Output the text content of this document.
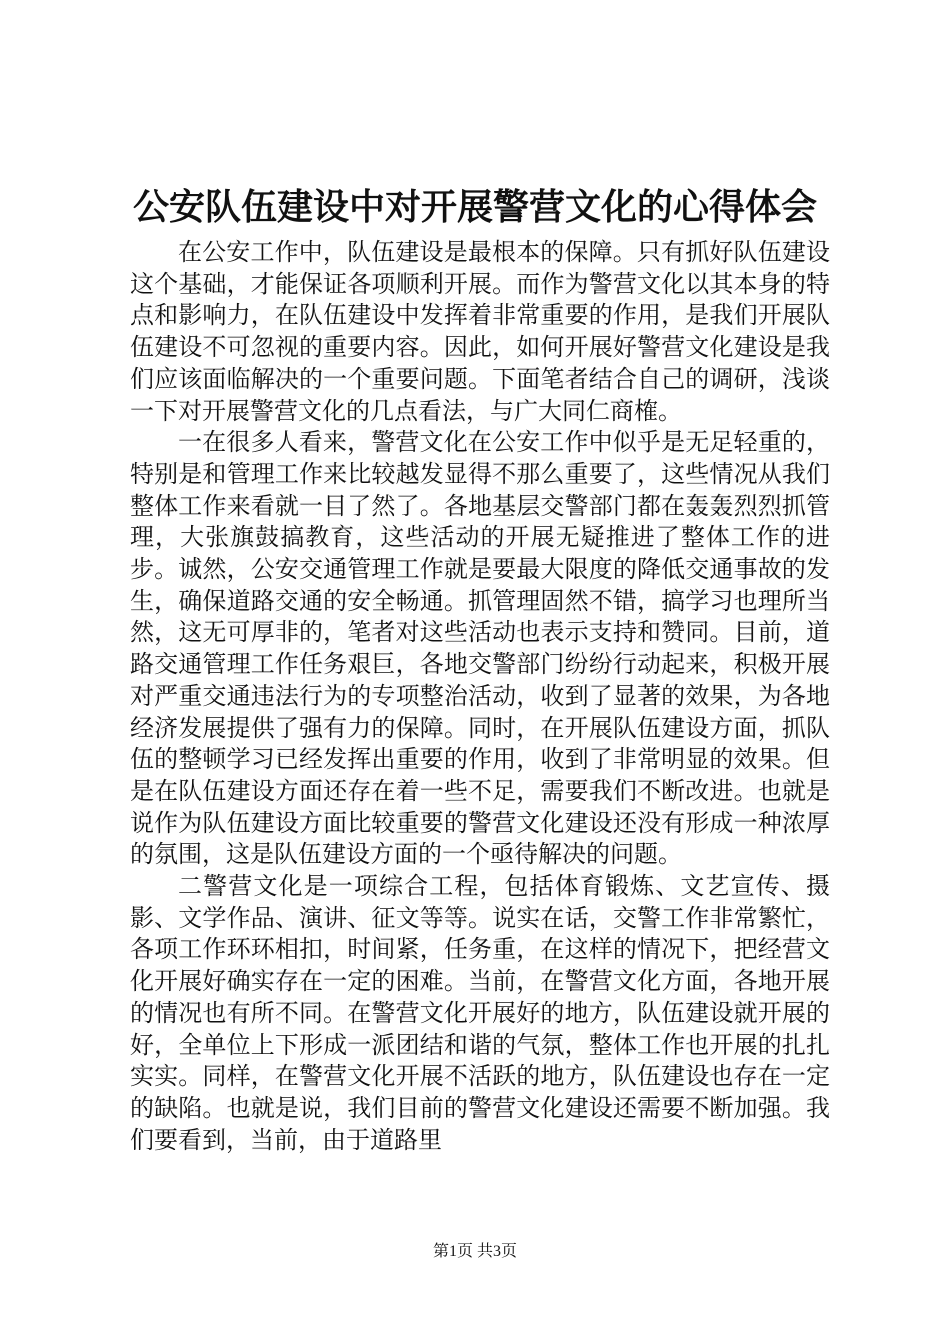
公安队伍建设中对开展警营文化的心得体会

在公安工作中，队伍建设是最根本的保障。只有抓好队伍建设这个基础，才能保证各项顺利开展。而作为警营文化以其本身的特点和影响力，在队伍建设中发挥着非常重要的作用，是我们开展队伍建设不可忽视的重要内容。因此，如何开展好警营文化建设是我们应该面临解决的一个重要问题。下面笔者结合自己的调研，浅谈一下对开展警营文化的几点看法，与广大同仁商榷。

一在很多人看来，警营文化在公安工作中似乎是无足轻重的，特别是和管理工作来比较越发显得不那么重要了，这些情况从我们整体工作来看就一目了然了。各地基层交警部门都在轰轰烈烈抓管理，大张旗鼓搞教育，这些活动的开展无疑推进了整体工作的进步。诚然，公安交通管理工作就是要最大限度的降低交通事故的发生，确保道路交通的安全畅通。抓管理固然不错，搞学习也理所当然，这无可厚非的，笔者对这些活动也表示支持和赞同。目前，道路交通管理工作任务艰巨，各地交警部门纷纷行动起来，积极开展对严重交通违法行为的专项整治活动，收到了显著的效果，为各地经济发展提供了强有力的保障。同时，在开展队伍建设方面，抓队伍的整顿学习已经发挥出重要的作用，收到了非常明显的效果。但是在队伍建设方面还存在着一些不足，需要我们不断改进。也就是说作为队伍建设方面比较重要的警营文化建设还没有形成一种浓厚的氛围，这是队伍建设方面的一个亟待解决的问题。

二警营文化是一项综合工程，包括体育锻炼、文艺宣传、摄影、文学作品、演讲、征文等等。说实在话，交警工作非常繁忙，各项工作环环相扣，时间紧，任务重，在这样的情况下，把经营文化开展好确实存在一定的困难。当前，在警营文化方面，各地开展的情况也有所不同。在警营文化开展好的地方，队伍建设就开展的好，全单位上下形成一派团结和谐的气氛，整体工作也开展的扎扎实实。同样，在警营文化开展不活跃的地方，队伍建设也存在一定的缺陷。也就是说，我们目前的警营文化建设还需要不断加强。我们要看到，当前，由于道路里

第1页 共3页
